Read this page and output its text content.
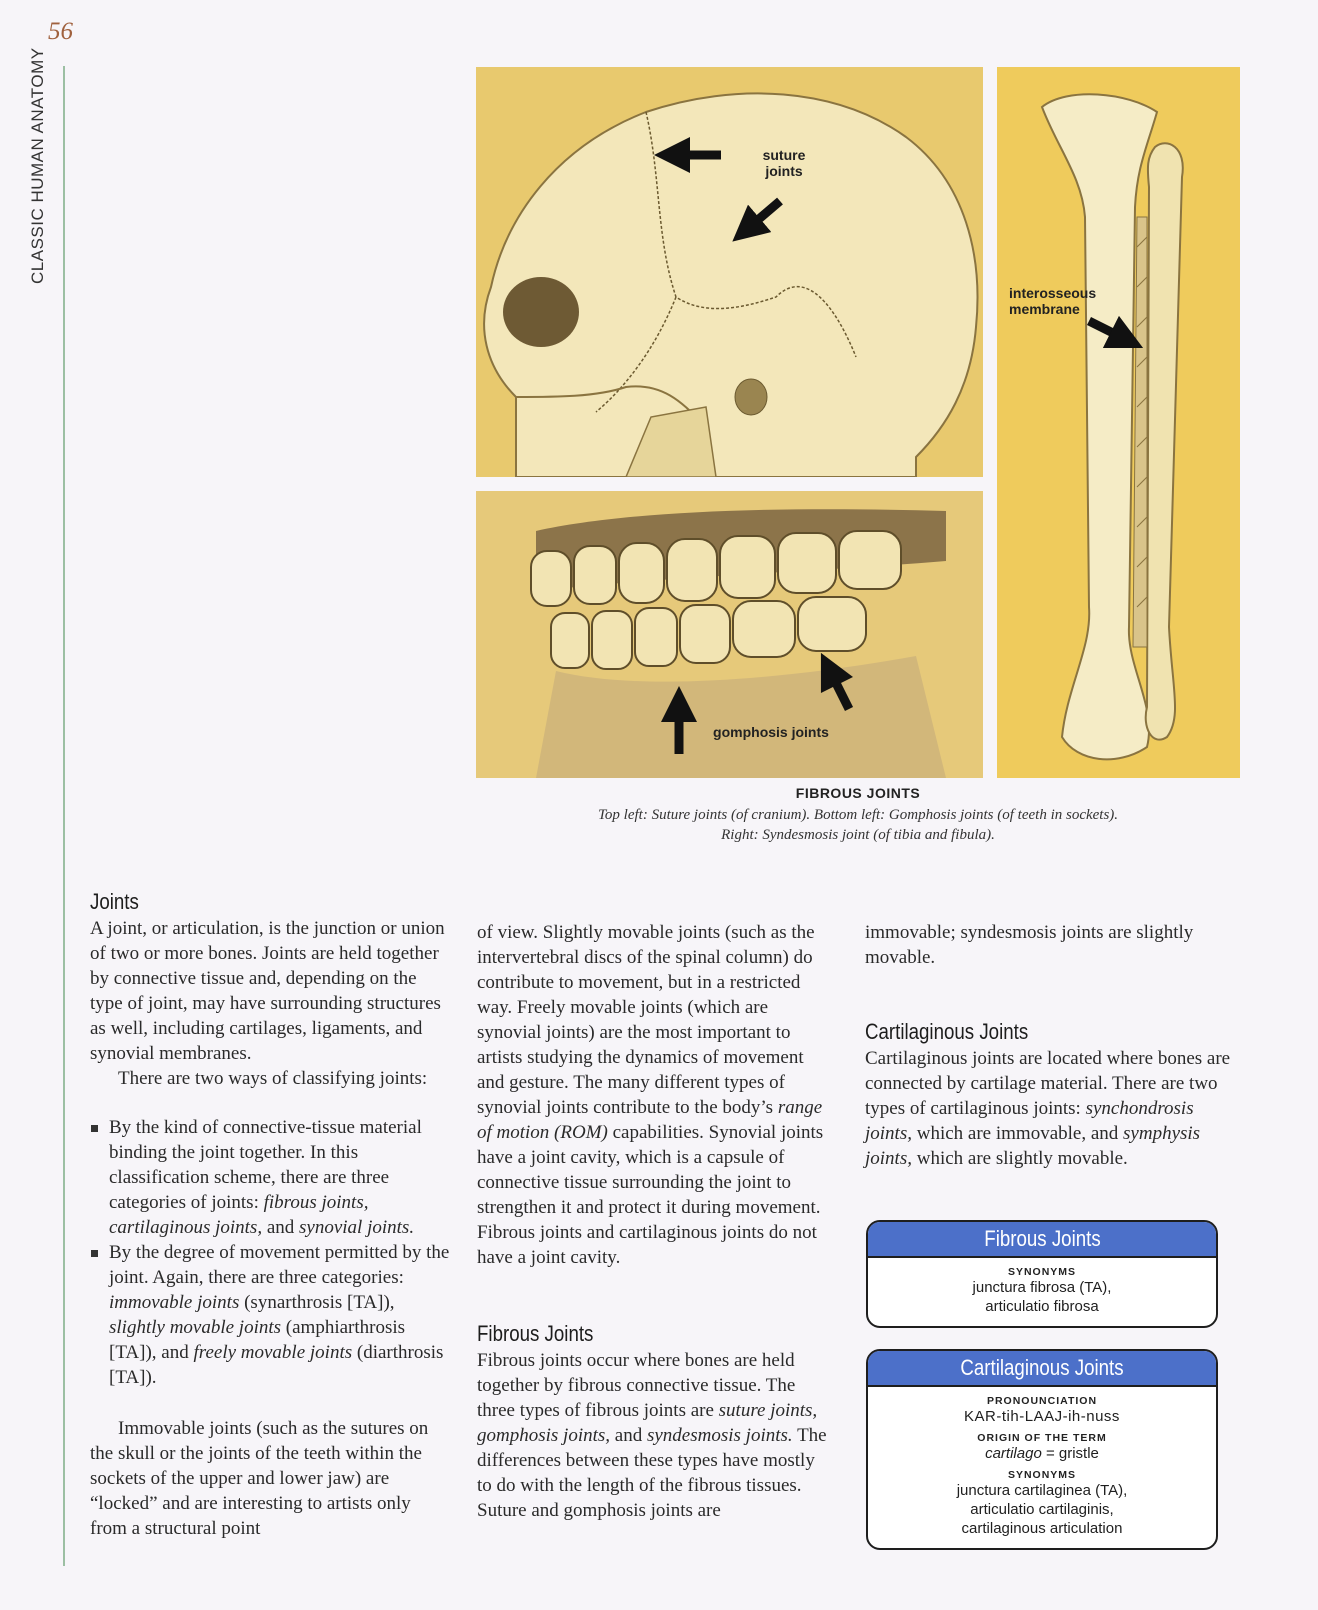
56
CLASSIC HUMAN ANATOMY	suture
joints
gomphosis joints
interosseous
membrane
FIBROUS JOINTS
Top left: Suture joints (of cranium). Bottom left: Gomphosis joints (of teeth in sockets).
Right: Syndesmosis joint (of tibia and fibula).
Joints

A joint, or articulation, is the junction or union of two or more bones. Joints are held together by connective tissue and, depending on the type of joint, may have surrounding structures as well, including cartilages, ligaments, and synovial membranes.

There are two ways of classifying joints:

By the kind of connective-tissue material binding the joint together. In this classification scheme, there are three categories of joints: fibrous joints, cartilaginous joints, and synovial joints.
By the degree of movement permitted by the joint. Again, there are three categories: immovable joints (synarthrosis [TA]), slightly movable joints (amphiarthrosis [TA]), and freely movable joints (diarthrosis [TA]).

Immovable joints (such as the sutures on the skull or the joints of the teeth within the sockets of the upper and lower jaw) are “locked” and are interesting to artists only from a structural point

of view. Slightly movable joints (such as the intervertebral discs of the spinal column) do contribute to movement, but in a restricted way. Freely movable joints (which are synovial joints) are the most important to artists studying the dynamics of movement and gesture. The many different types of synovial joints contribute to the body’s range of motion (ROM) capabilities. Synovial joints have a joint cavity, which is a capsule of connective tissue surrounding the joint to strengthen it and protect it during movement. Fibrous joints and cartilaginous joints do not have a joint cavity.

Fibrous Joints

Fibrous joints occur where bones are held together by fibrous connective tissue. The three types of fibrous joints are suture joints, gomphosis joints, and syndesmosis joints. The differences between these types have mostly to do with the length of the fibrous tissues. Suture and gomphosis joints are

immovable; syndesmosis joints are slightly movable.

Cartilaginous Joints

Cartilaginous joints are located where bones are connected by cartilage material. There are two types of cartilaginous joints: synchondrosis joints, which are immovable, and symphysis joints, which are slightly movable.

Fibrous Joints
SYNONYMS
junctura fibrosa (TA),
articulatio fibrosa
Cartilaginous Joints
PRONOUNCIATION
KAR-tih-LAAJ-ih-nuss
ORIGIN OF THE TERM
cartilago = gristle
SYNONYMS
junctura cartilaginea (TA),
articulatio cartilaginis,
cartilaginous articulation
